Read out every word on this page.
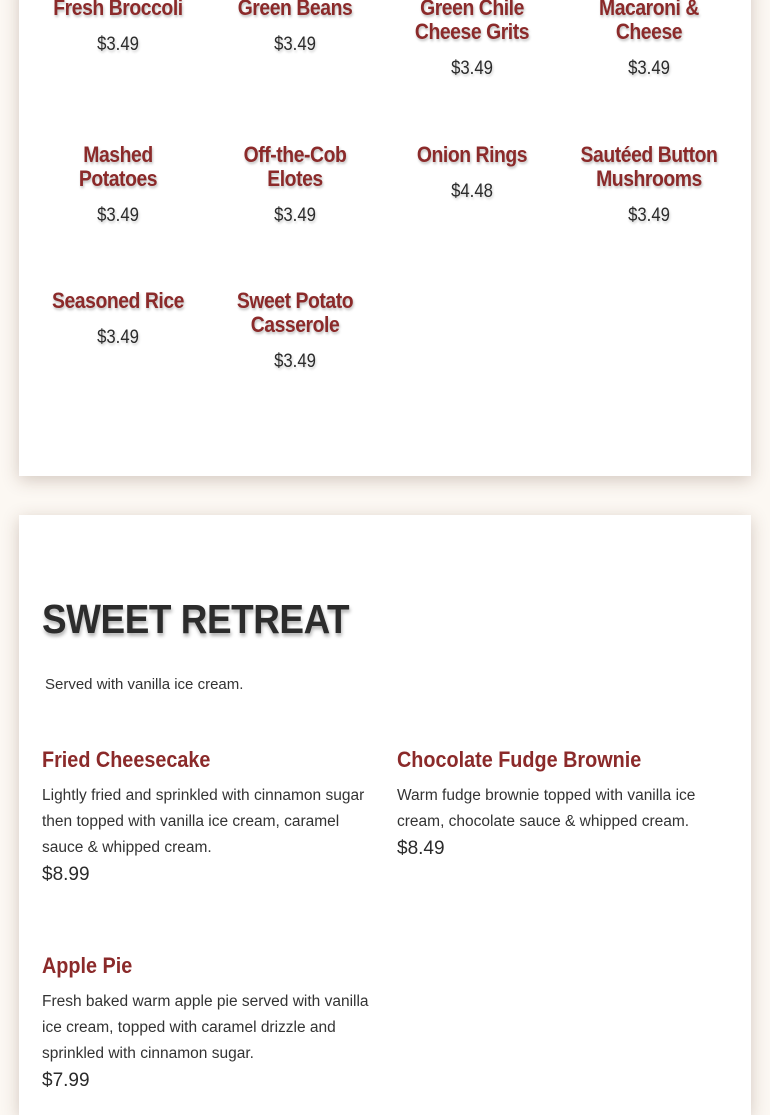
Fresh Broccoli
$3.49
Green Beans
$3.49
Green Chile Cheese Grits
$3.49
Macaroni & Cheese
$3.49
Mashed Potatoes
$3.49
Off-the-Cob Elotes
$3.49
Onion Rings
$4.48
Sautéed Button Mushrooms
$3.49
Seasoned Rice
$3.49
Sweet Potato Casserole
$3.49
SWEET RETREAT
Served with vanilla ice cream.
Fried Cheesecake
Lightly fried and sprinkled with cinnamon sugar then topped with vanilla ice cream, caramel sauce & whipped cream.
$8.99
Chocolate Fudge Brownie
Warm fudge brownie topped with vanilla ice cream, chocolate sauce & whipped cream.
$8.49
Apple Pie
Fresh baked warm apple pie served with vanilla ice cream, topped with caramel drizzle and sprinkled with cinnamon sugar.
$7.99
